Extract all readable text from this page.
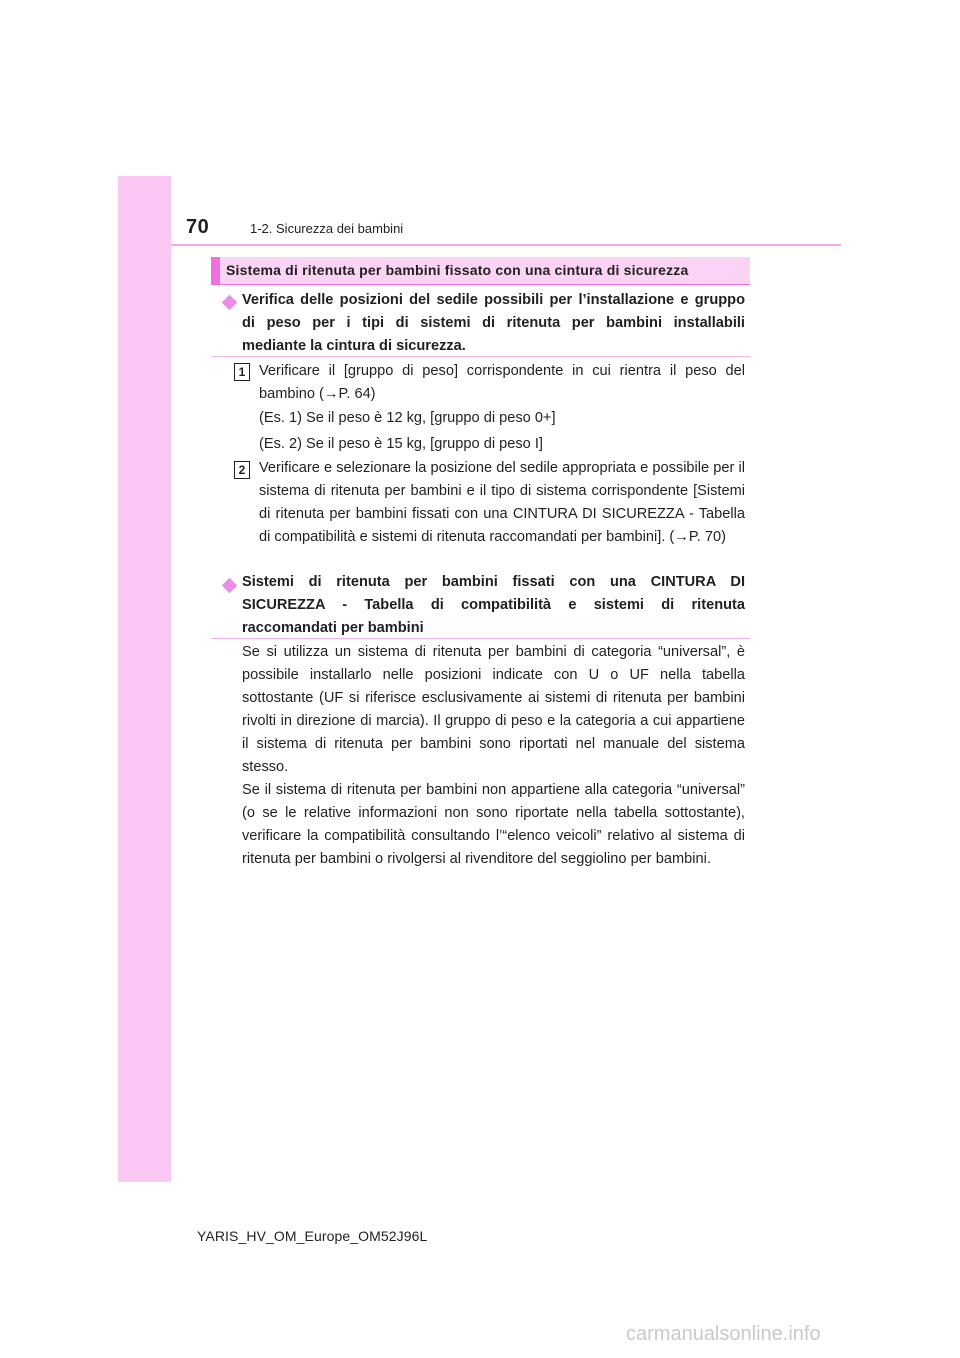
70	1-2. Sicurezza dei bambini
Sistema di ritenuta per bambini fissato con una cintura di sicurezza
Verifica delle posizioni del sedile possibili per l’installazione e gruppo
di peso per i tipi di sistemi di ritenuta per bambini installabili
mediante la cintura di sicurezza.
1 Verificare il [gruppo di peso] corrispondente in cui rientra il peso del bambino (→P. 64)
(Es. 1) Se il peso è 12 kg, [gruppo di peso 0+]
(Es. 2) Se il peso è 15 kg, [gruppo di peso I]
2 Verificare e selezionare la posizione del sedile appropriata e possibile per il sistema di ritenuta per bambini e il tipo di sistema corrispondente [Sistemi di ritenuta per bambini fissati con una CINTURA DI SICUREZZA - Tabella di compatibilità e sistemi di ritenuta raccomandati per bambini]. (→P. 70)
Sistemi di ritenuta per bambini fissati con una CINTURA DI
SICUREZZA - Tabella di compatibilità e sistemi di ritenuta
raccomandati per bambini

Se si utilizza un sistema di ritenuta per bambini di categoria “universal”, è possibile installarlo nelle posizioni indicate con U o UF nella tabella sottostante (UF si riferisce esclusivamente ai sistemi di ritenuta per bambini rivolti in direzione di marcia). Il gruppo di peso e la categoria a cui appartiene il sistema di ritenuta per bambini sono riportati nel manuale del sistema stesso.

Se il sistema di ritenuta per bambini non appartiene alla categoria “universal” (o se le relative informazioni non sono riportate nella tabella sottostante), verificare la compatibilità consultando l’“elenco veicoli” relativo al sistema di ritenuta per bambini o rivolgersi al rivenditore del seggiolino per bambini.

YARIS_HV_OM_Europe_OM52J96L
carmanualsonline.info
